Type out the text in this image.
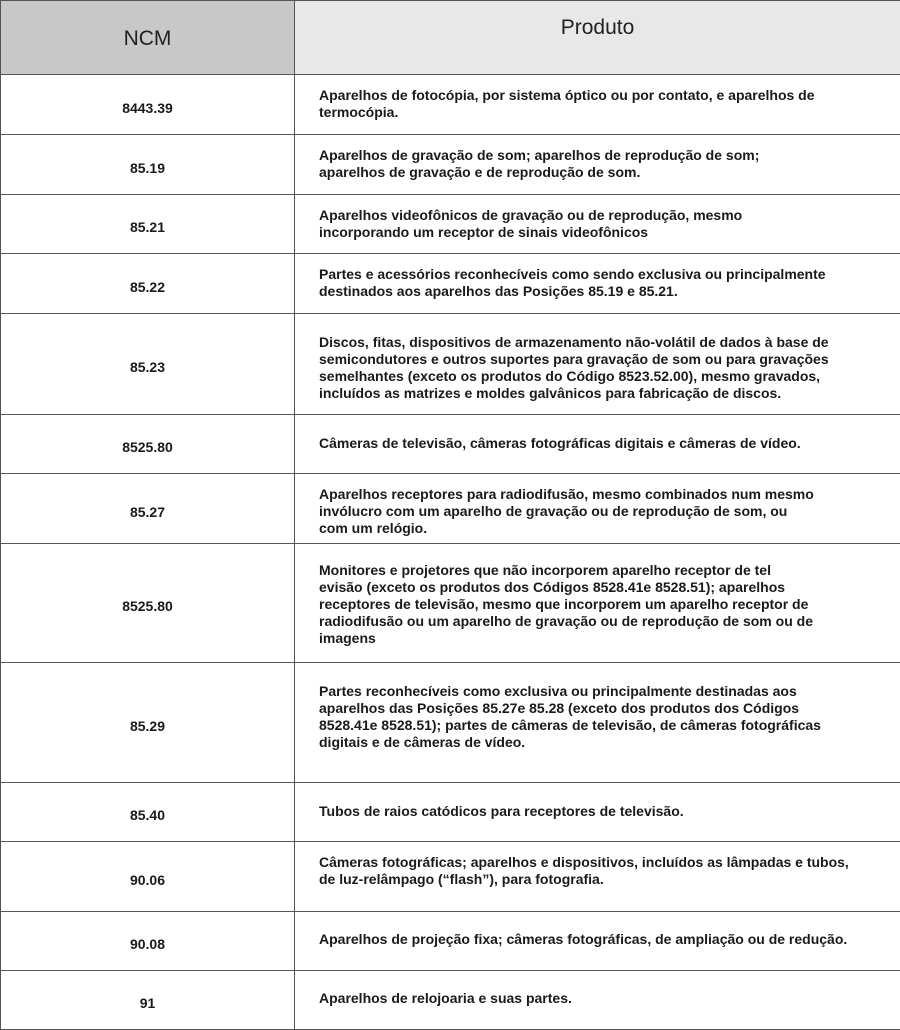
NCM	Produto
8443.39	Aparelhos de fotocópia, por sistema óptico ou por contato, e aparelhos de
termocópia.

85.19	Aparelhos de gravação de som; aparelhos de reprodução de som;
aparelhos de gravação e de reprodução de som.

85.21	Aparelhos videofônicos de gravação ou de reprodução, mesmo
incorporando um receptor de sinais videofônicos

85.22	Partes e acessórios reconhecíveis como sendo exclusiva ou principalmente
destinados aos aparelhos das Posições 85.19 e 85.21.

85.23	Discos, fitas, dispositivos de armazenamento não-volátil de dados à base de
semicondutores e outros suportes para gravação de som ou para gravações
semelhantes (exceto os produtos do Código 8523.52.00), mesmo gravados,
incluídos as matrizes e moldes galvânicos para fabricação de discos.

8525.80	Câmeras de televisão, câmeras fotográficas digitais e câmeras de vídeo.

85.27	Aparelhos receptores para radiodifusão, mesmo combinados num mesmo
invólucro com um aparelho de gravação ou de reprodução de som, ou
com um relógio.

8525.80	Monitores e projetores que não incorporem aparelho receptor de tel
evisão (exceto os produtos dos Códigos 8528.41e 8528.51); aparelhos
receptores de televisão, mesmo que incorporem um aparelho receptor de
radiodifusão ou um aparelho de gravação ou de reprodução de som ou de
imagens

85.29	Partes reconhecíveis como exclusiva ou principalmente destinadas aos
aparelhos das Posições 85.27e 85.28 (exceto dos produtos dos Códigos
8528.41e 8528.51); partes de câmeras de televisão, de câmeras fotográficas
digitais e de câmeras de vídeo.

85.40	Tubos de raios catódicos para receptores de televisão.

90.06	Câmeras fotográficas; aparelhos e dispositivos, incluídos as lâmpadas e tubos,
de luz-relâmpago (“flash”), para fotografia.

90.08	Aparelhos de projeção fixa; câmeras fotográficas, de ampliação ou de redução.

91	Aparelhos de relojoaria e suas partes.
